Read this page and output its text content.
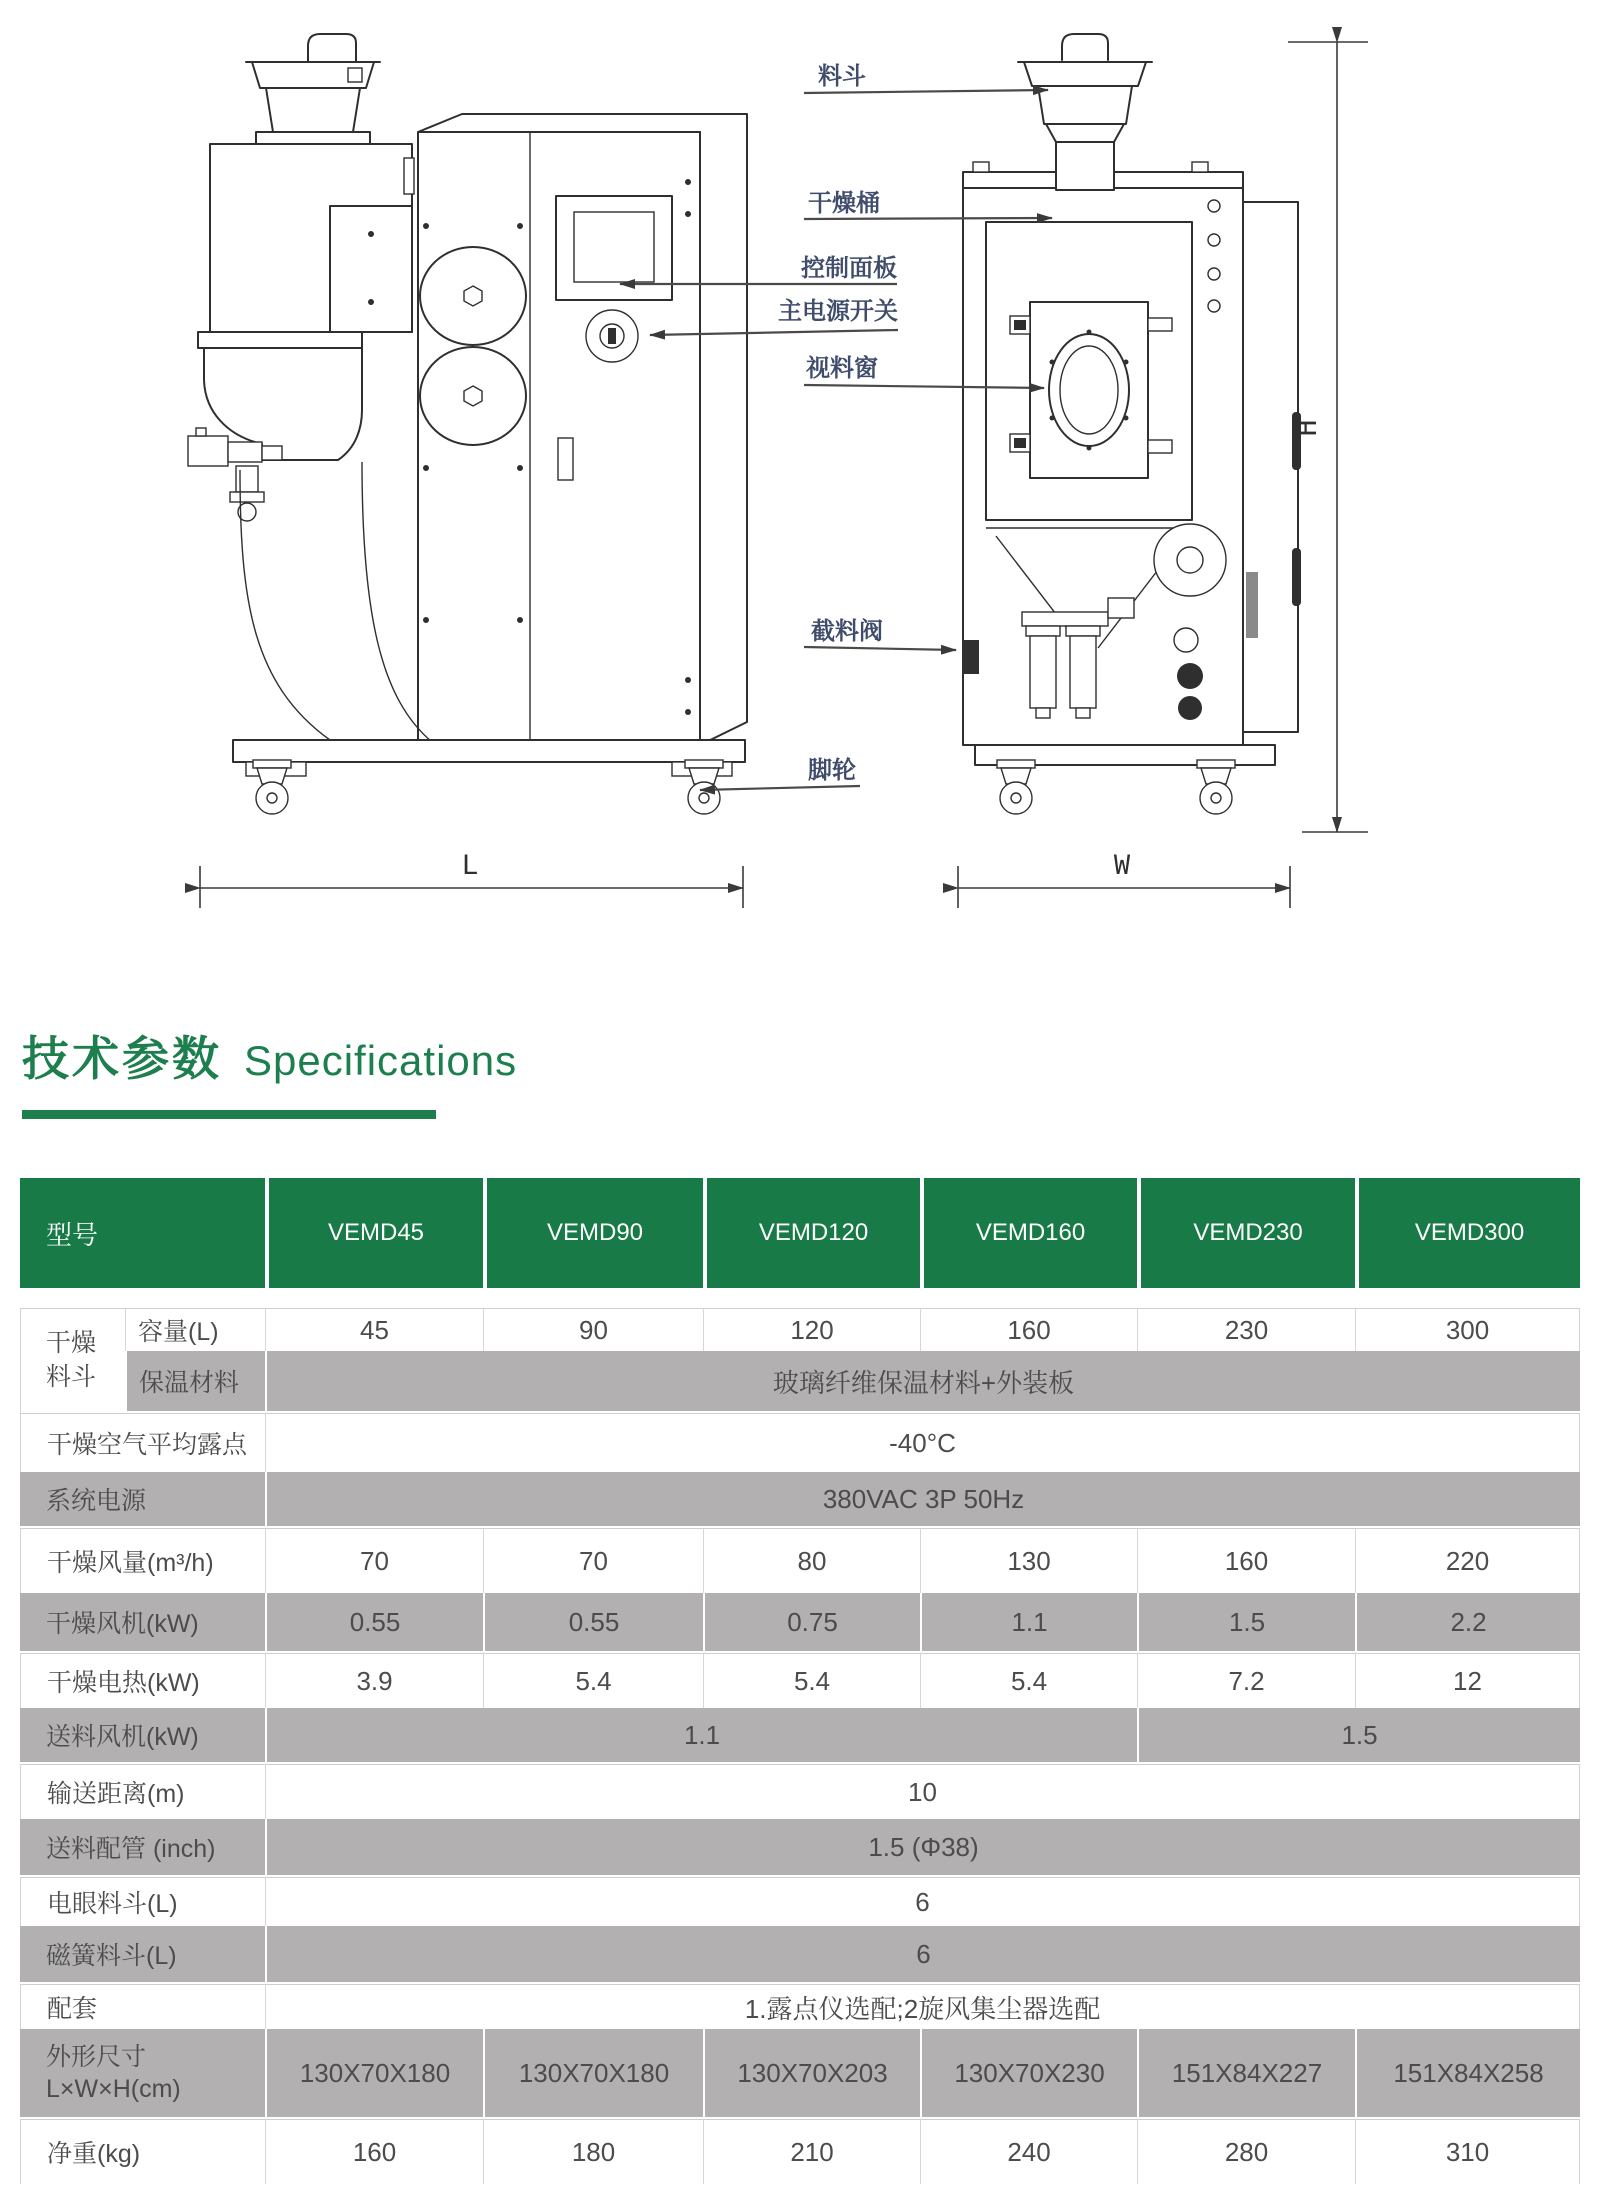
料斗
干燥桶
控制面板
主电源开关
视料窗
截料阀
脚轮
L	W
H
技术参数 Specifications
型号		VEMD45	VEMD90	VEMD120	VEMD160	VEMD230	VEMD300

干燥料斗	容量(L)	45	90	120	160	230	300
	保温材料	玻璃纤维保温材料+外装板					
干燥空气平均露点		-40°C					
系统电源		380VAC 3P 50Hz					
干燥风量(m³/h)		70	70	80	130	160	220
干燥风机(kW)		0.55	0.55	0.75	1.1	1.5	2.2
干燥电热(kW)		3.9	5.4	5.4	5.4	7.2	12
送料风机(kW)		1.1				1.5	
输送距离(m)		10					
送料配管 (inch)		1.5 (Φ38)					
电眼料斗(L)		6					
磁簧料斗(L)		6					
配套		1.露点仪选配;2旋风集尘器选配					

外形尺寸
L×W×H(cm)		130X70X180	130X70X180	130X70X203	130X70X230	151X84X227	151X84X258
净重(kg)		160	180	210	240	280	310
